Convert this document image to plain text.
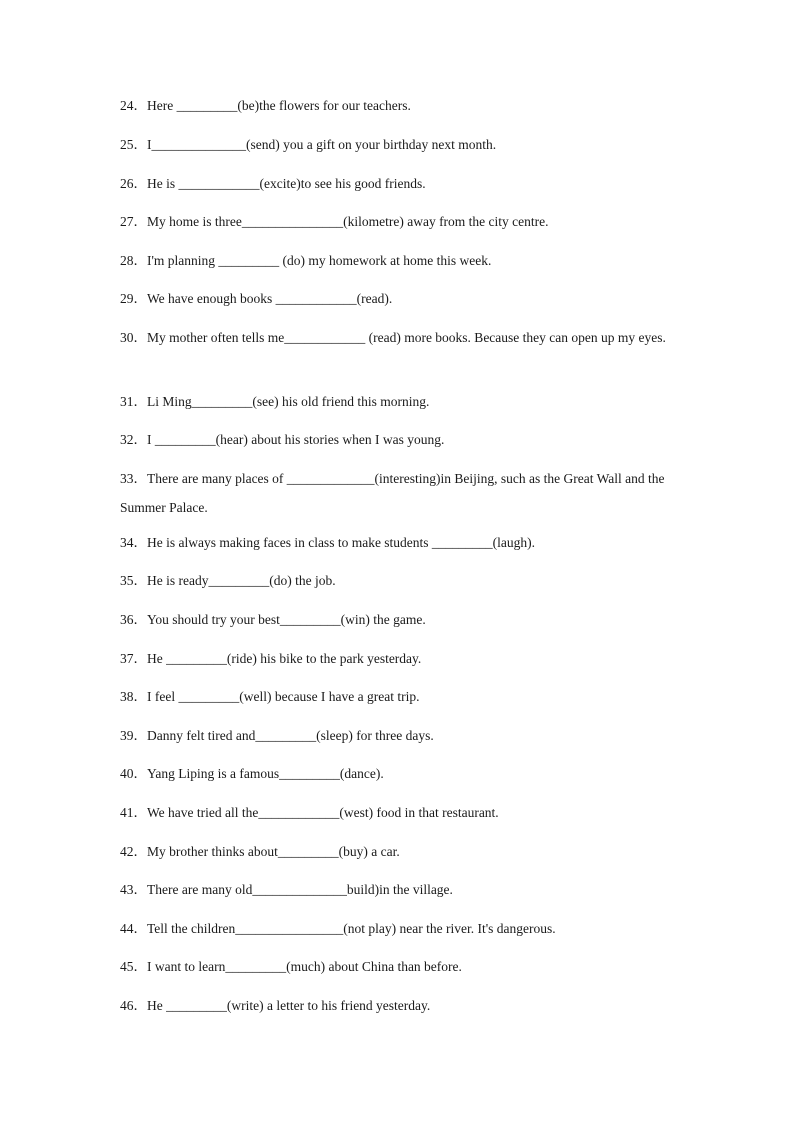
24．Here _________(be)the flowers for our teachers.
25．I______________(send) you a gift on your birthday next month.
26．He is ____________(excite)to see his good friends.
27．My home is three_______________(kilometre) away from the city centre.
28．I'm planning _________ (do) my homework at home this week.
29．We have enough books ____________(read).
30．My mother often tells me____________ (read) more books. Because they can open up my eyes.
31．Li Ming_________(see) his old friend this morning.
32．I _________(hear) about his stories when I was young.
33．There are many places of _____________(interesting)in Beijing, such as the Great Wall and the Summer Palace.
34．He is always making faces in class to make students _________(laugh).
35．He is ready_________(do) the job.
36．You should try your best_________(win) the game.
37．He _________(ride) his bike to the park yesterday.
38．I feel _________(well) because I have a great trip.
39．Danny felt tired and_________(sleep) for three days.
40．Yang Liping is a famous_________(dance).
41．We have tried all the____________(west) food in that restaurant.
42．My brother thinks about_________(buy) a car.
43．There are many old______________build)in the village.
44．Tell the children________________(not play) near the river. It's dangerous.
45．I want to learn_________(much) about China than before.
46．He _________(write) a letter to his friend yesterday.
